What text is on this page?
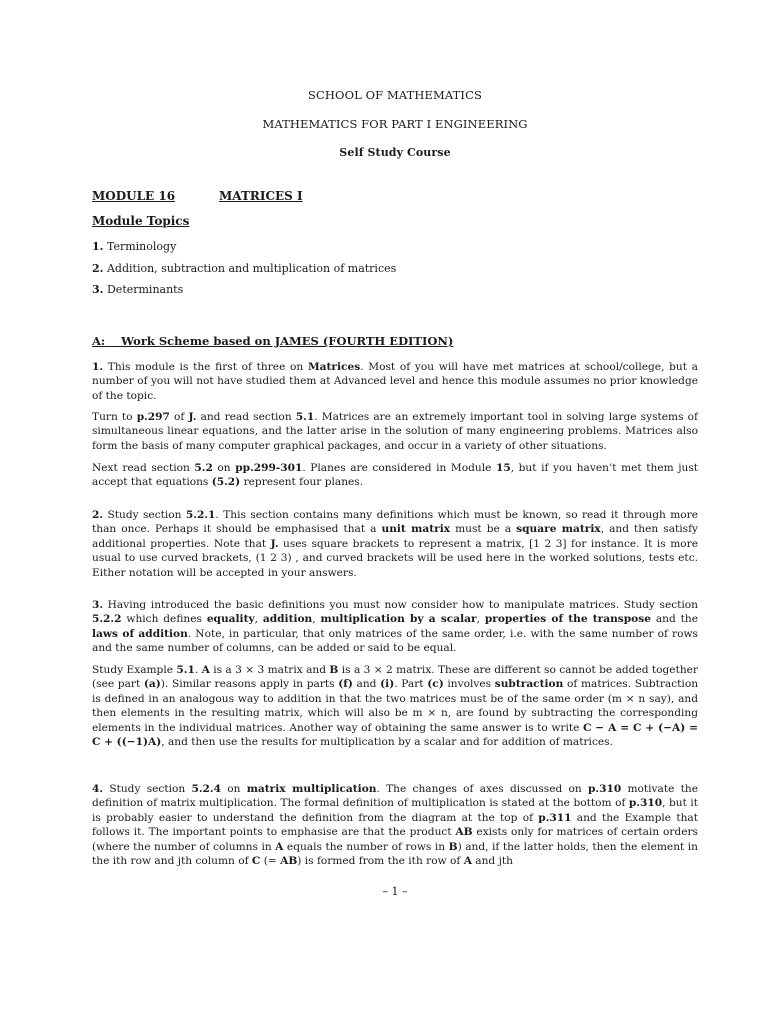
SCHOOL OF MATHEMATICS
MATHEMATICS FOR PART I ENGINEERING
Self Study Course
MODULE 16	MATRICES I
Module Topics
1. Terminology
2. Addition, subtraction and multiplication of matrices
3. Determinants
A:    Work Scheme based on JAMES (FOURTH EDITION)
1. This module is the first of three on Matrices. Most of you will have met matrices at school/college, but a number of you will not have studied them at Advanced level and hence this module assumes no prior knowledge of the topic.
Turn to p.297 of J. and read section 5.1. Matrices are an extremely important tool in solving large systems of simultaneous linear equations, and the latter arise in the solution of many engineering problems. Matrices also form the basis of many computer graphical packages, and occur in a variety of other situations.
Next read section 5.2 on pp.299-301. Planes are considered in Module 15, but if you haven’t met them just accept that equations (5.2) represent four planes.
2. Study section 5.2.1. This section contains many definitions which must be known, so read it through more than once. Perhaps it should be emphasised that a unit matrix must be a square matrix, and then satisfy additional properties. Note that J. uses square brackets to represent a matrix, [1 2 3] for instance. It is more usual to use curved brackets, (1 2 3) , and curved brackets will be used here in the worked solutions, tests etc. Either notation will be accepted in your answers.
3. Having introduced the basic definitions you must now consider how to manipulate matrices. Study section 5.2.2 which defines equality, addition, multiplication by a scalar, properties of the transpose and the laws of addition. Note, in particular, that only matrices of the same order, i.e. with the same number of rows and the same number of columns, can be added or said to be equal.
Study Example 5.1. A is a 3 × 3 matrix and B is a 3 × 2 matrix. These are different so cannot be added together (see part (a)). Similar reasons apply in parts (f) and (i). Part (c) involves subtraction of matrices. Subtraction is defined in an analogous way to addition in that the two matrices must be of the same order (m × n say), and then elements in the resulting matrix, which will also be m × n, are found by subtracting the corresponding elements in the individual matrices. Another way of obtaining the same answer is to write C − A = C + (−A) = C + ((−1)A), and then use the results for multiplication by a scalar and for addition of matrices.
4. Study section 5.2.4 on matrix multiplication. The changes of axes discussed on p.310 motivate the definition of matrix multiplication. The formal definition of multiplication is stated at the bottom of p.310, but it is probably easier to understand the definition from the diagram at the top of p.311 and the Example that follows it. The important points to emphasise are that the product AB exists only for matrices of certain orders (where the number of columns in A equals the number of rows in B) and, if the latter holds, then the element in the ith row and jth column of C (= AB) is formed from the ith row of A and jth
– 1 –
